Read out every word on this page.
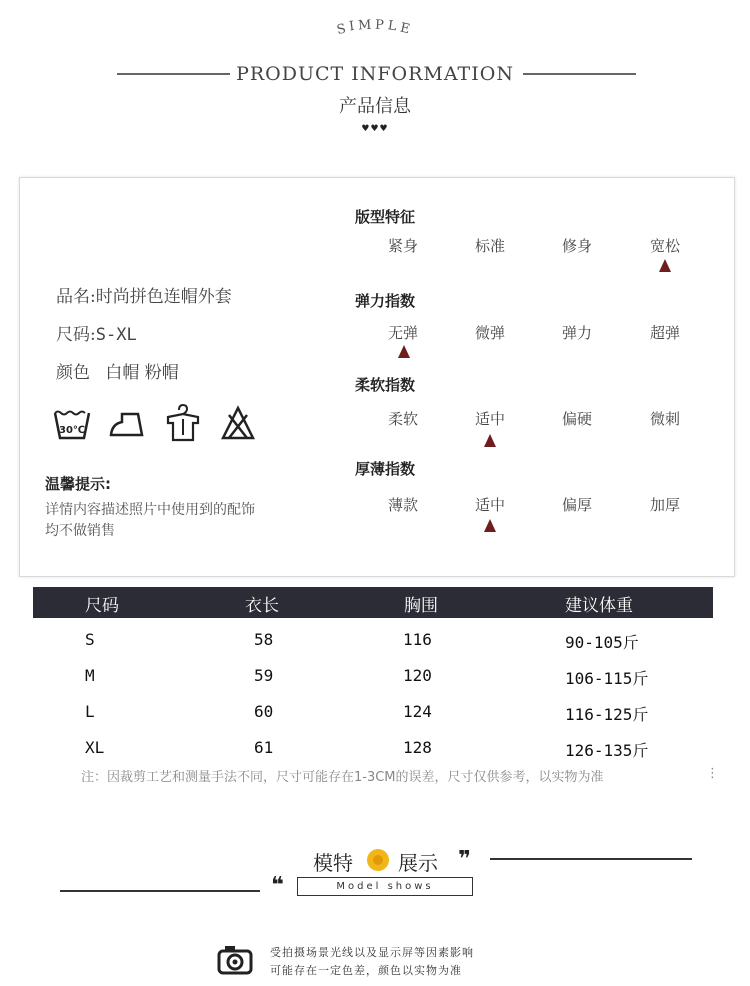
SIMPLE
PRODUCT INFORMATION
产品信息
♥♥♥
品名:时尚拼色连帽外套
尺码:S-XL
颜色 白帽 粉帽
30℃
温馨提示:
详情内容描述照片中使用到的配饰
均不做销售
版型特征
紧身	标准	修身	宽松
弹力指数
无弹	微弹	弹力	超弹
柔软指数
柔软	适中	偏硬	微刺
厚薄指数
薄款	适中	偏厚	加厚
尺码	衣长	胸围	建议体重
S	58	116	90-105斤
M	59	120	106-115斤
L	60	124	116-125斤
XL	61	128	126-135斤
注：因裁剪工艺和测量手法不同，尺寸可能存在1-3CM的误差，尺寸仅供参考，以实物为准	⋮
模特 展示 ❞
❝	Model shows
受拍摄场景光线以及显示屏等因素影响
可能存在一定色差，颜色以实物为准
